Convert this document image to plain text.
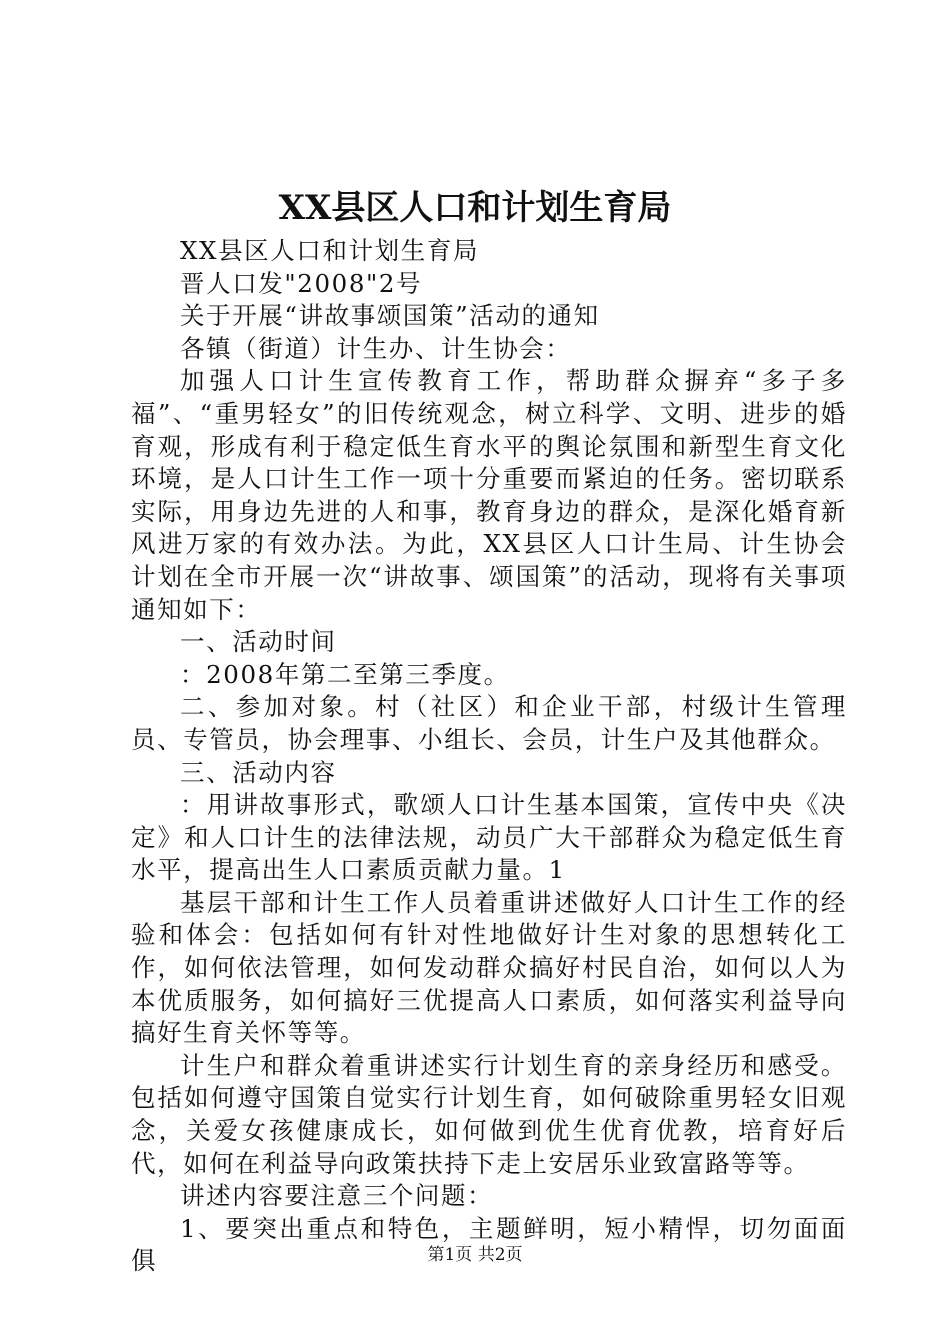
XX县区人口和计划生育局

XX县区人口和计划生育局

晋人口发"2008"2号

关于开展“讲故事颂国策”活动的通知

各镇（街道）计生办、计生协会：

加强人口计生宣传教育工作，帮助群众摒弃“多子多福”、“重男轻女”的旧传统观念，树立科学、文明、进步的婚育观，形成有利于稳定低生育水平的舆论氛围和新型生育文化环境，是人口计生工作一项十分重要而紧迫的任务。密切联系实际，用身边先进的人和事，教育身边的群众，是深化婚育新风进万家的有效办法。为此，XX县区人口计生局、计生协会计划在全市开展一次“讲故事、颂国策”的活动，现将有关事项通知如下：

一、活动时间

：2008年第二至第三季度。

二、参加对象。村（社区）和企业干部，村级计生管理员、专管员，协会理事、小组长、会员，计生户及其他群众。

三、活动内容

：用讲故事形式，歌颂人口计生基本国策，宣传中央《决定》和人口计生的法律法规，动员广大干部群众为稳定低生育水平，提高出生人口素质贡献力量。1

基层干部和计生工作人员着重讲述做好人口计生工作的经验和体会：包括如何有针对性地做好计生对象的思想转化工作，如何依法管理，如何发动群众搞好村民自治，如何以人为本优质服务，如何搞好三优提高人口素质，如何落实利益导向搞好生育关怀等等。

计生户和群众着重讲述实行计划生育的亲身经历和感受。包括如何遵守国策自觉实行计划生育，如何破除重男轻女旧观念，关爱女孩健康成长，如何做到优生优育优教，培育好后代，如何在利益导向政策扶持下走上安居乐业致富路等等。

讲述内容要注意三个问题：

1、要突出重点和特色，主题鲜明，短小精悍，切勿面面俱	第1页 共2页
